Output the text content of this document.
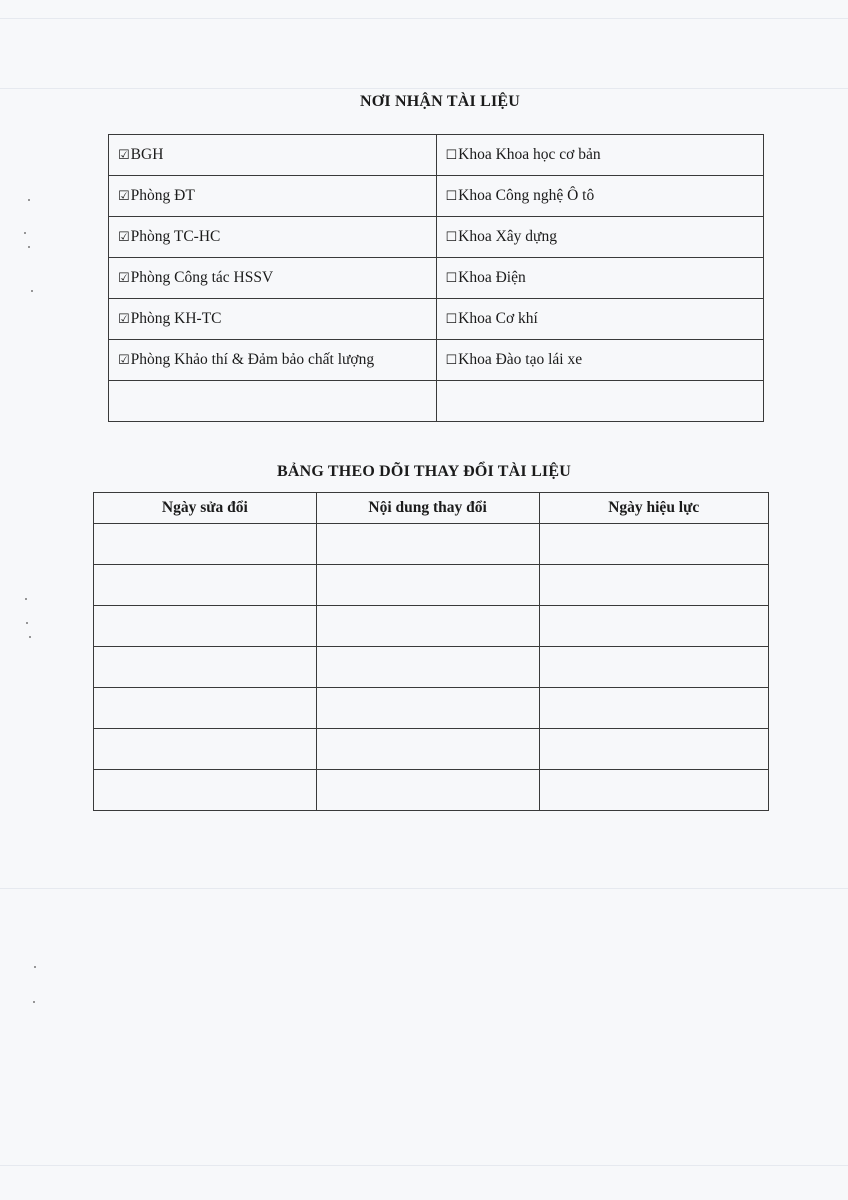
NƠI NHẬN TÀI LIỆU
☑BGH	☐Khoa Khoa học cơ bản
☑Phòng ĐT	☐Khoa Công nghệ Ô tô
☑Phòng TC-HC	☐Khoa Xây dựng
☑Phòng Công tác HSSV	☐Khoa Điện
☑Phòng KH-TC	☐Khoa Cơ khí
☑Phòng Khảo thí & Đảm bảo chất lượng	☐Khoa Đào tạo lái xe

BẢNG THEO DÕI THAY ĐỔI TÀI LIỆU
Ngày sửa đổi	Nội dung thay đổi	Ngày hiệu lực
